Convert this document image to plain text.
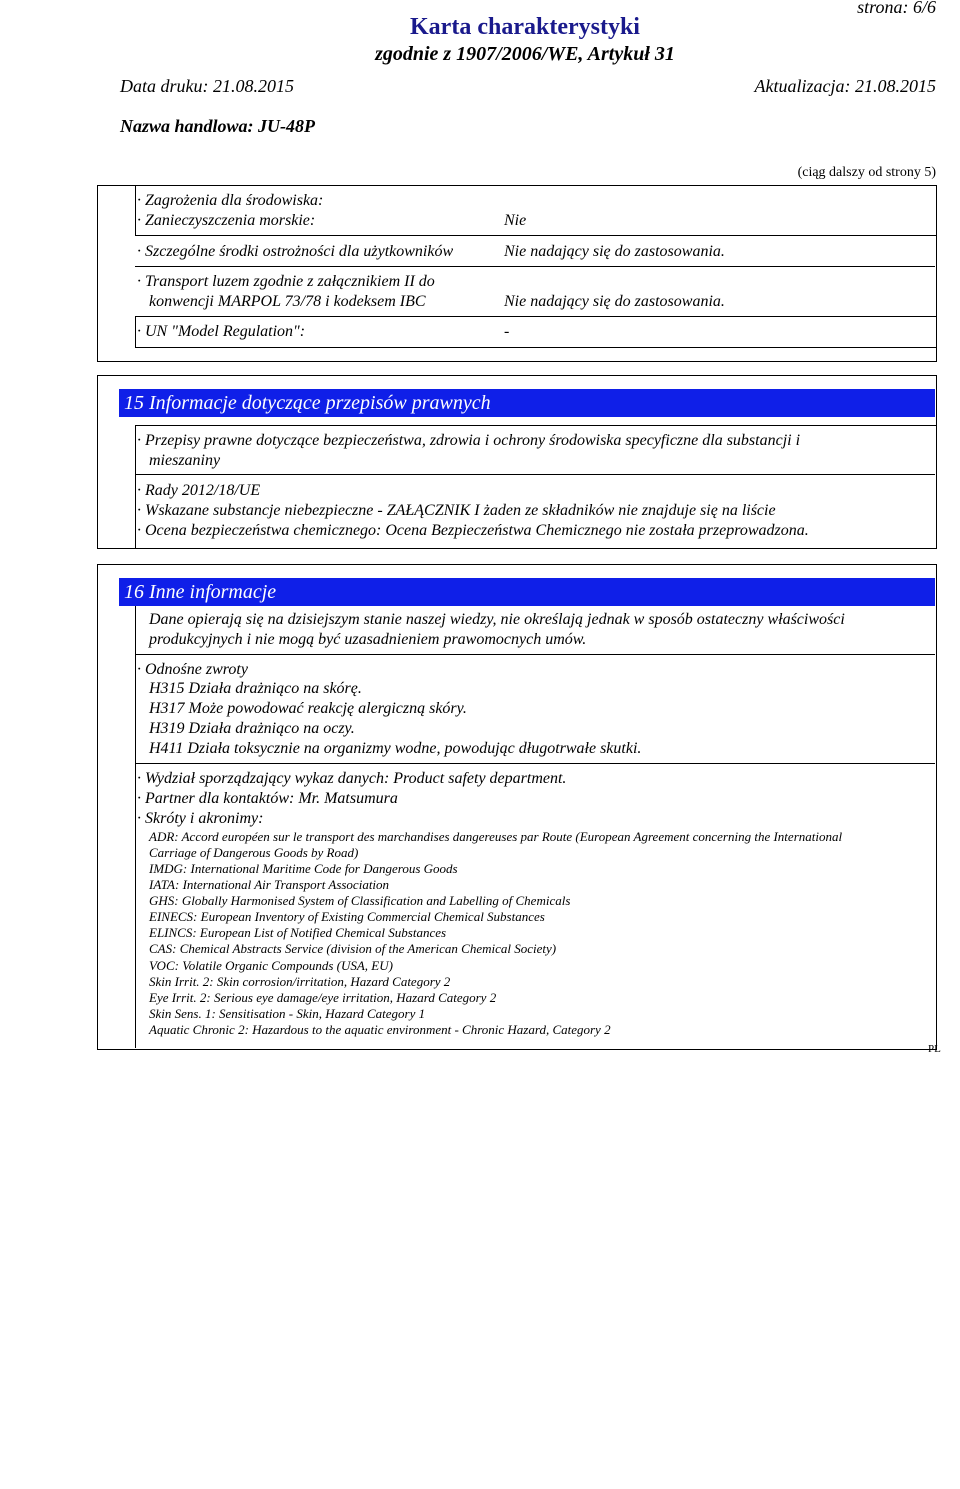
strona: 6/6
Karta charakterystyki
zgodnie z 1907/2006/WE, Artykuł 31
Data druku: 21.08.2015	Aktualizacja: 21.08.2015
Nazwa handlowa: JU-48P
(ciąg dalszy od strony 5)
· Zagrożenia dla środowiska:
· Zanieczyszczenia morskie:	Nie
· Szczególne środki ostrożności dla użytkowników	Nie nadający się do zastosowania.
· Transport luzem zgodnie z załącznikiem II do
konwencji MARPOL 73/78 i kodeksem IBC	Nie nadający się do zastosowania.
· UN "Model Regulation":	-
15 Informacje dotyczące przepisów prawnych
· Przepisy prawne dotyczące bezpieczeństwa, zdrowia i ochrony środowiska specyficzne dla substancji i
mieszaniny
· Rady 2012/18/UE
· Wskazane substancje niebezpieczne - ZAŁĄCZNIK I żaden ze składników nie znajduje się na liście
· Ocena bezpieczeństwa chemicznego: Ocena Bezpieczeństwa Chemicznego nie została przeprowadzona.
16 Inne informacje
Dane opierają się na dzisiejszym stanie naszej wiedzy, nie określają jednak w sposób ostateczny właściwości
produkcyjnych i nie mogą być uzasadnieniem prawomocnych umów.
· Odnośne zwroty
H315 Działa drażniąco na skórę.
H317 Może powodować reakcję alergiczną skóry.
H319 Działa drażniąco na oczy.
H411 Działa toksycznie na organizmy wodne, powodując długotrwałe skutki.
· Wydział sporządzający wykaz danych: Product safety department.
· Partner dla kontaktów: Mr. Matsumura
· Skróty i akronimy:
ADR: Accord européen sur le transport des marchandises dangereuses par Route (European Agreement concerning the International
Carriage of Dangerous Goods by Road)
IMDG: International Maritime Code for Dangerous Goods
IATA: International Air Transport Association
GHS: Globally Harmonised System of Classification and Labelling of Chemicals
EINECS: European Inventory of Existing Commercial Chemical Substances
ELINCS: European List of Notified Chemical Substances
CAS: Chemical Abstracts Service (division of the American Chemical Society)
VOC: Volatile Organic Compounds (USA, EU)
Skin Irrit. 2: Skin corrosion/irritation, Hazard Category 2
Eye Irrit. 2: Serious eye damage/eye irritation, Hazard Category 2
Skin Sens. 1: Sensitisation - Skin, Hazard Category 1
Aquatic Chronic 2: Hazardous to the aquatic environment - Chronic Hazard, Category 2
PL
